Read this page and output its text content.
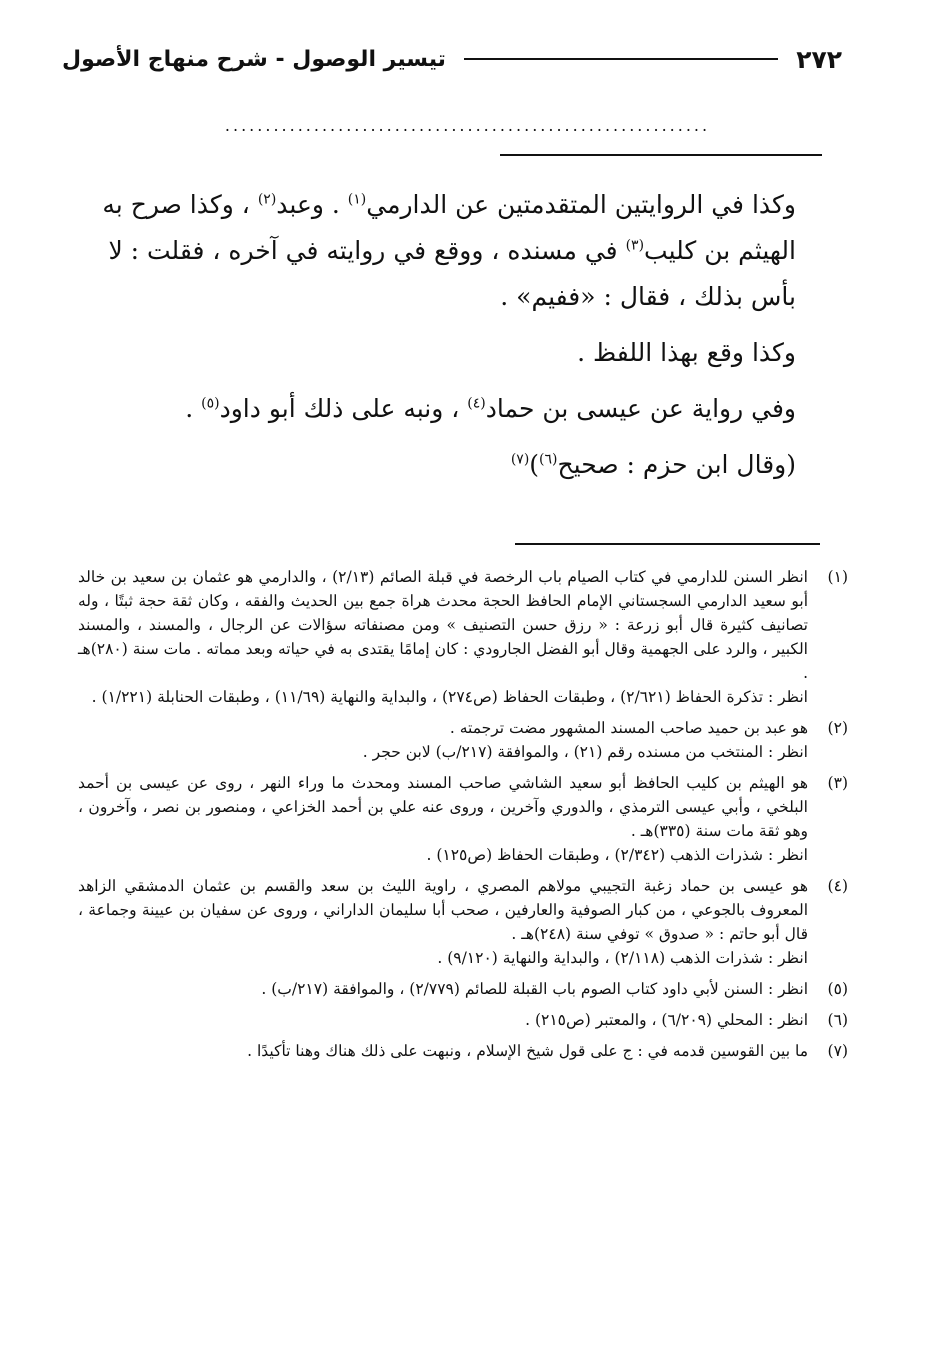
٢٧٢
تيسير الوصول - شرح منهاج الأصول
............................................................

وكذا في الروايتين المتقدمتين عن الدارمي$^{(١)}$ . وعبد$^{(٢)}$ ، وكذا صرح به الهيثم بن كليب$^{(٣)}$ في مسنده ، ووقع في روايته في آخره ، فقلت : لا بأس بذلك ، فقال : «ففيم» .

وكذا وقع بهذا اللفظ .

وفي رواية عن عيسى بن حماد$^{(٤)}$ ، ونبه على ذلك أبو داود$^{(٥)}$ .

(وقال ابن حزم : صحيح$^{(٦)}$)$^{(٧)}$

(١)

انظر السنن للدارمي في كتاب الصيام باب الرخصة في قبلة الصائم (٢/١٣) ، والدارمي هو عثمان بن سعيد بن خالد أبو سعيد الدارمي السجستاني الإمام الحافظ الحجة محدث هراة جمع بين الحديث والفقه ، وكان ثقة حجة ثبتًا ، وله تصانيف كثيرة قال أبو زرعة : « رزق حسن التصنيف » ومن مصنفاته سؤالات عن الرجال ، والمسند ، والمسند الكبير ، والرد على الجهمية وقال أبو الفضل الجارودي : كان إمامًا يقتدى به في حياته وبعد مماته . مات سنة (٢٨٠)هـ .

انظر : تذكرة الحفاظ (٢/٦٢١) ، وطبقات الحفاظ (ص٢٧٤) ، والبداية والنهاية (١١/٦٩) ، وطبقات الحنابلة (١/٢٢١) .

(٢)

هو عبد بن حميد صاحب المسند المشهور مضت ترجمته .

انظر : المنتخب من مسنده رقم (٢١) ، والموافقة (٢١٧/ب) لابن حجر .

(٣)

هو الهيثم بن كليب الحافظ أبو سعيد الشاشي صاحب المسند ومحدث ما وراء النهر ، روى عن عيسى بن أحمد البلخي ، وأبي عيسى الترمذي ، والدوري وآخرين ، وروى عنه علي بن أحمد الخزاعي ، ومنصور بن نصر ، وآخرون ، وهو ثقة مات سنة (٣٣٥)هـ .

انظر : شذرات الذهب (٢/٣٤٢) ، وطبقات الحفاظ (ص١٢٥) .

(٤)

هو عيسى بن حماد زغبة التجيبي مولاهم المصري ، راوية الليث بن سعد والقسم بن عثمان الدمشقي الزاهد المعروف بالجوعي ، من كبار الصوفية والعارفين ، صحب أبا سليمان الداراني ، وروى عن سفيان بن عيينة وجماعة ، قال أبو حاتم : « صدوق » توفي سنة (٢٤٨)هـ .

انظر : شذرات الذهب (٢/١١٨) ، والبداية والنهاية (٩/١٢٠) .

(٥)

انظر : السنن لأبي داود كتاب الصوم باب القبلة للصائم (٢/٧٧٩) ، والموافقة (٢١٧/ب) .

(٦)

انظر : المحلي (٦/٢٠٩) ، والمعتبر (ص٢١٥) .

(٧)

ما بين القوسين قدمه في : ج على قول شيخ الإسلام ، ونبهت على ذلك هناك وهنا تأكيدًا .
